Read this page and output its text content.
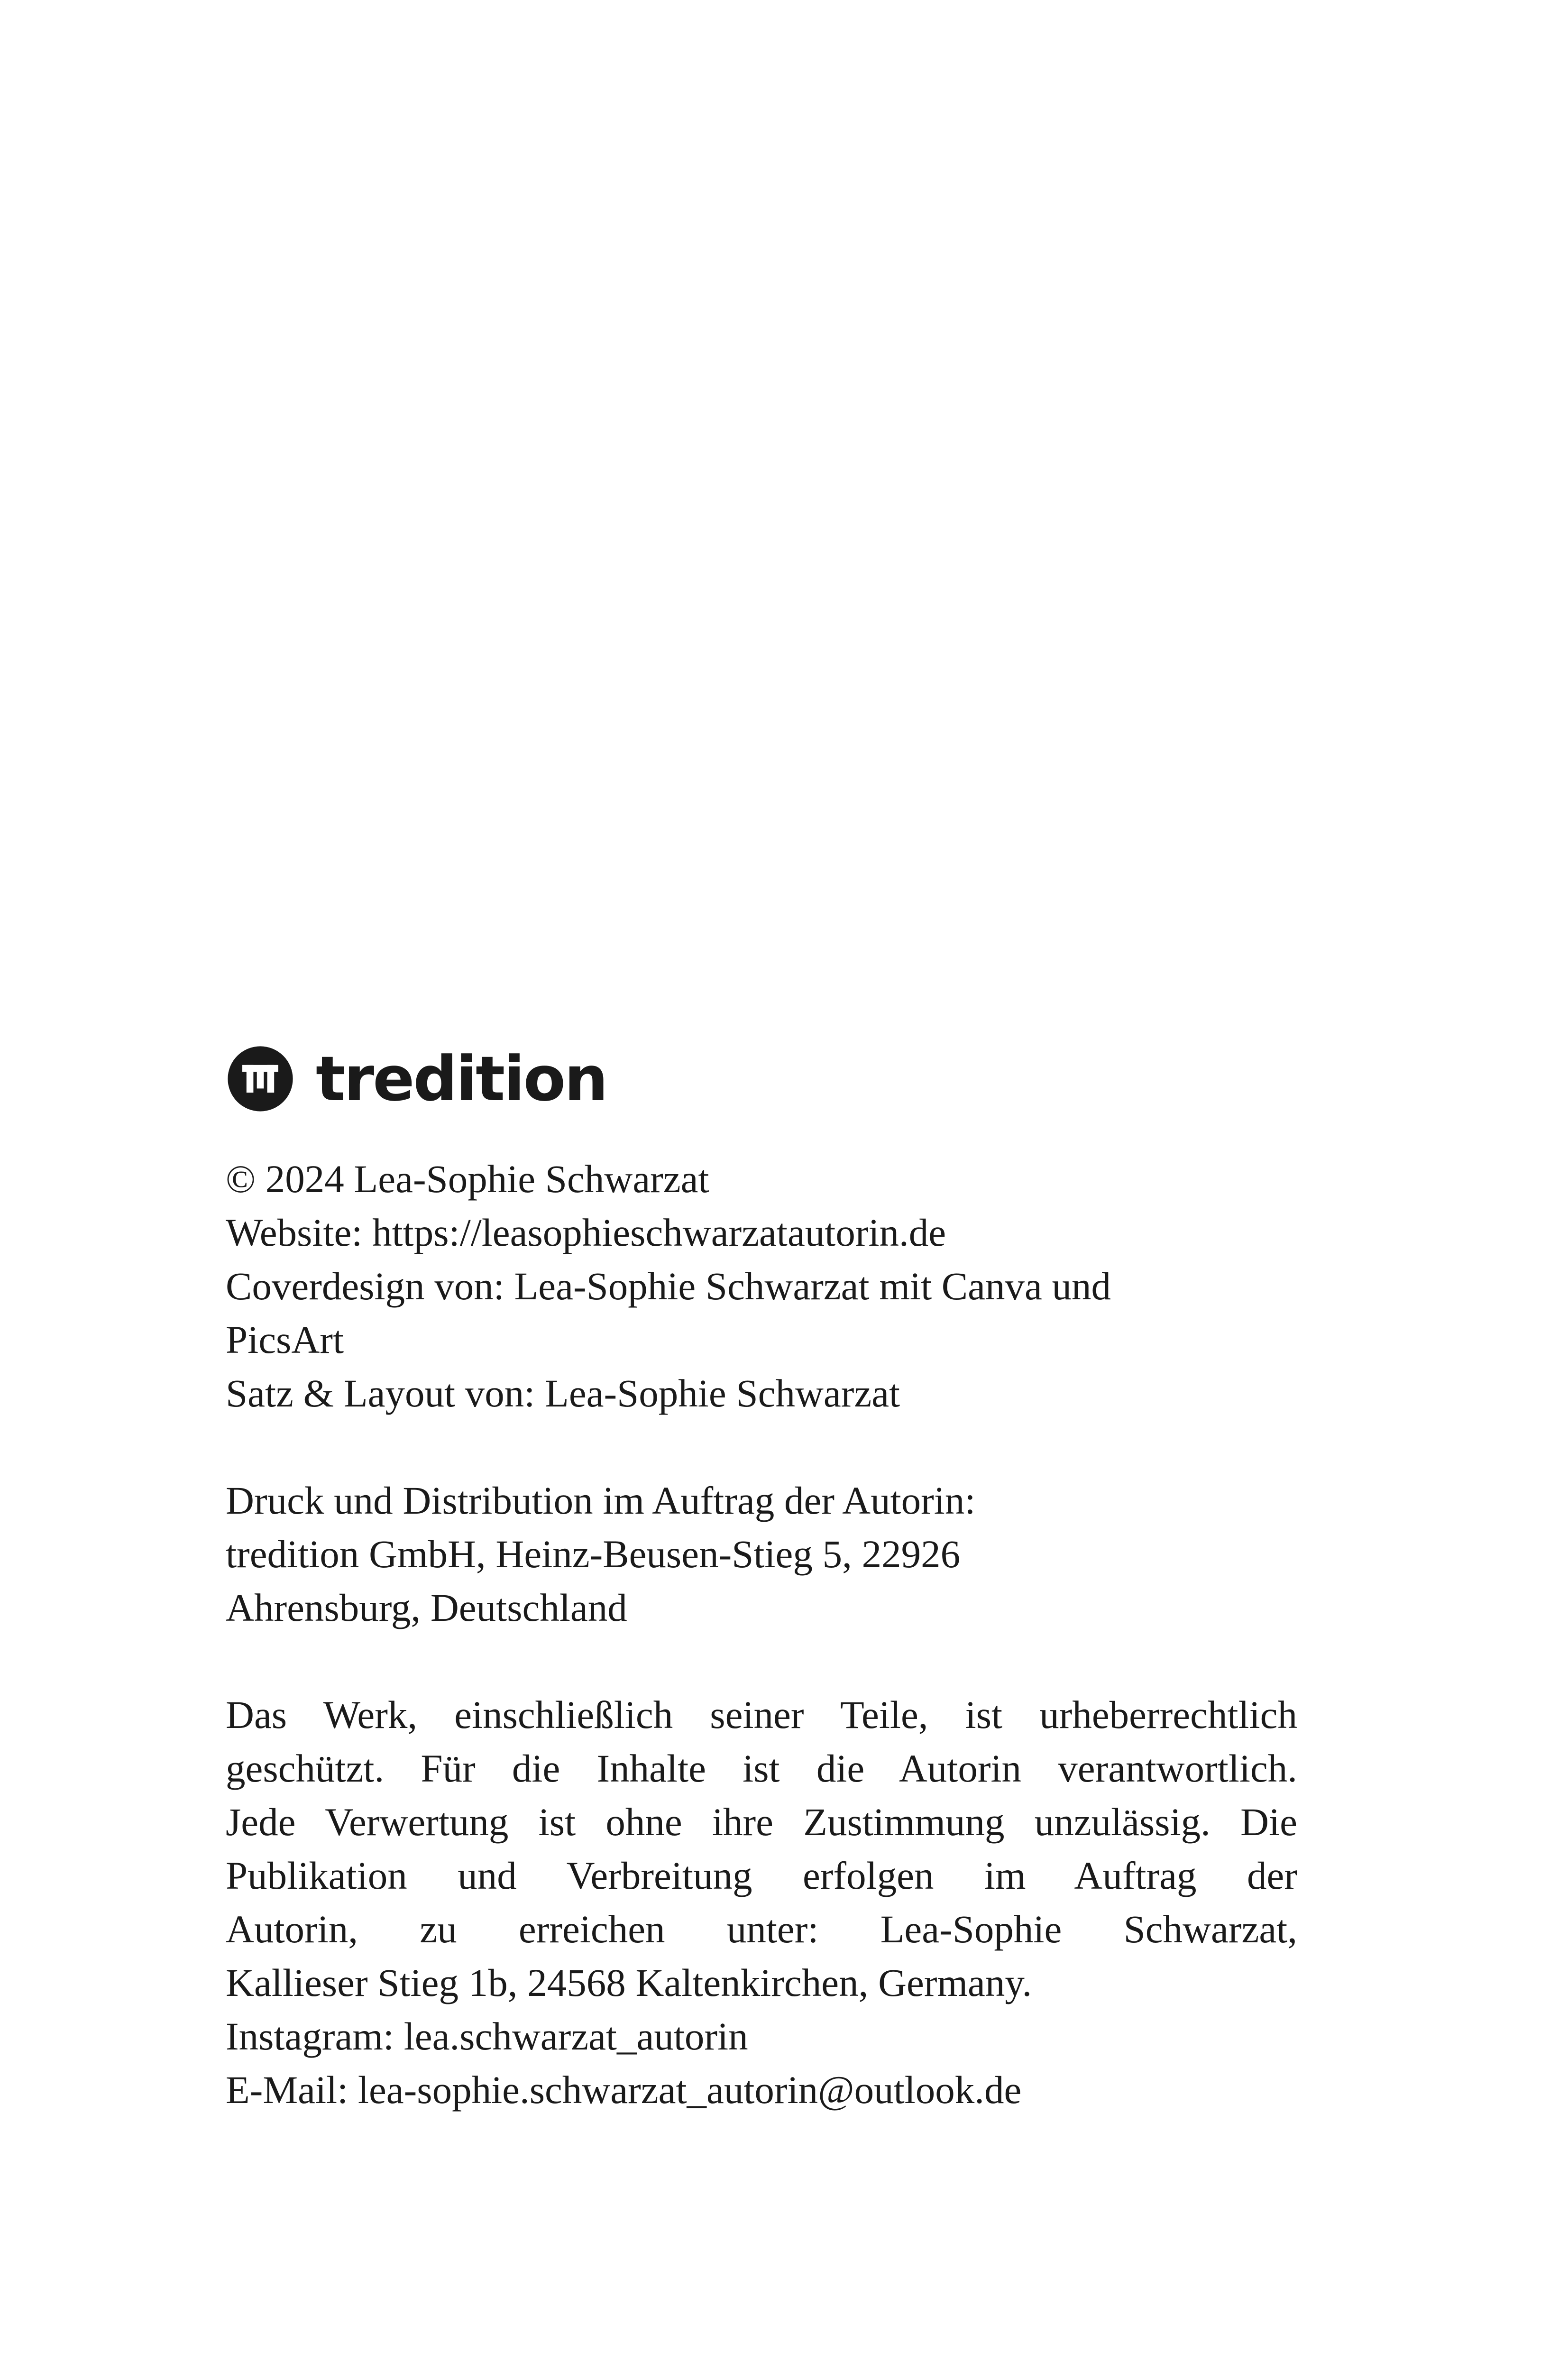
tredition

© 2024 Lea-Sophie Schwarzat

Website: https://leasophieschwarzatautorin.de

Coverdesign von: Lea-Sophie Schwarzat mit Canva und

PicsArt

Satz & Layout von: Lea-Sophie Schwarzat

Druck und Distribution im Auftrag der Autorin:

tredition GmbH, Heinz-Beusen-Stieg 5, 22926

Ahrensburg, Deutschland

Das Werk, einschließlich seiner Teile, ist urheberrechtlich

geschützt. Für die Inhalte ist die Autorin verantwortlich.

Jede Verwertung ist ohne ihre Zustimmung unzulässig. Die

Publikation und Verbreitung erfolgen im Auftrag der

Autorin, zu erreichen unter: Lea-Sophie Schwarzat,

Kallieser Stieg 1b, 24568 Kaltenkirchen, Germany.

Instagram: lea.schwarzat_autorin

E-Mail: lea-sophie.schwarzat_autorin@outlook.de
